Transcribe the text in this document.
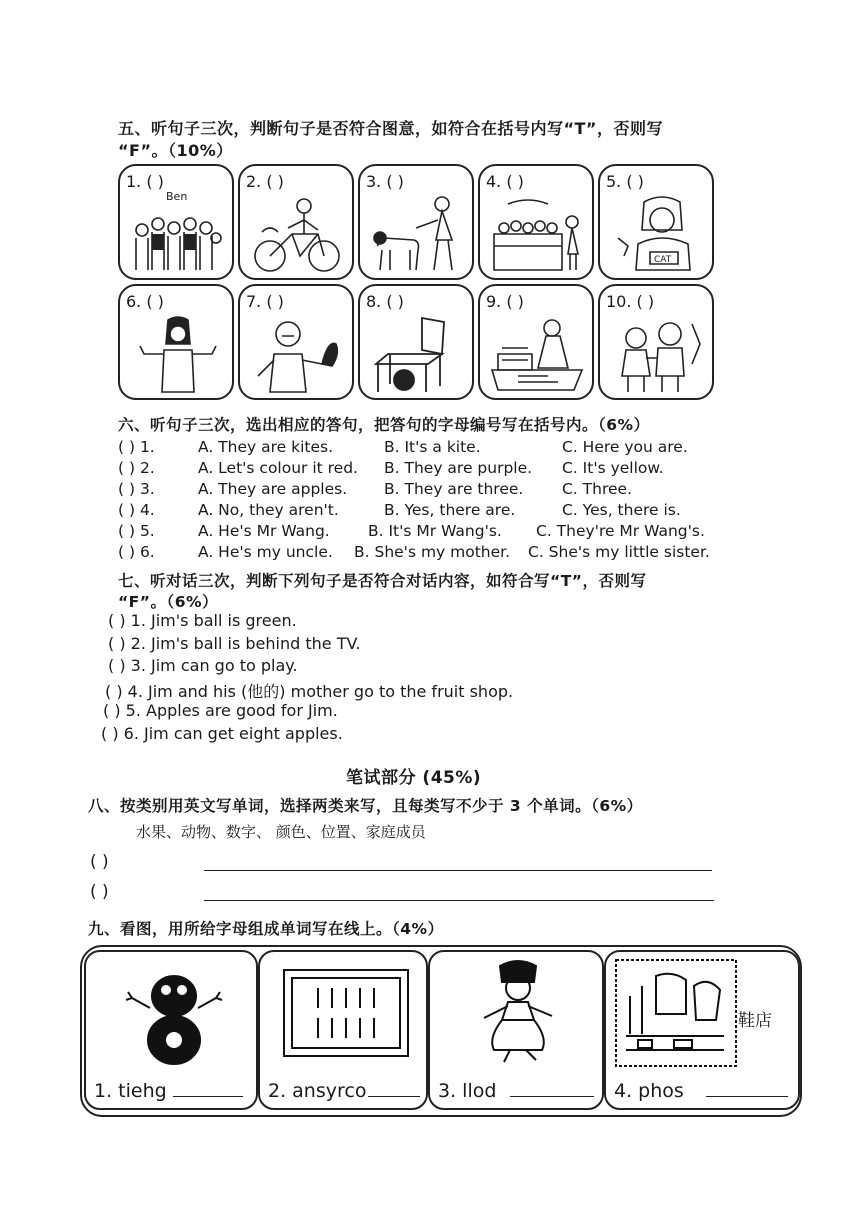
五、听句子三次，判断句子是否符合图意，如符合在括号内写“T”，否则写
“F”。（10%）
1. ( )
Ben
2. ( )	3. ( )	4. ( )	5. ( )
CAT
6. ( )	7. ( )	8. ( )	9. ( )	10. ( )
六、听句子三次，选出相应的答句，把答句的字母编号写在括号内。（6%）
( ) 1.	A. They are kites.	B. It's a kite.	C. Here you are.
( ) 2.	A. Let's colour it red. B. They are purple. C. It's yellow.
( ) 3.	A. They are apples. B. They are three. C. Three.
( ) 4.	A. No, they aren't.	B. Yes, there are.	C. Yes, there is.
( ) 5.	A. He's Mr Wang. B. It's Mr Wang's. C. They're Mr Wang's.
( ) 6.	A. He's my uncle. B. She's my mother. C. She's my little sister.
七、听对话三次，判断下列句子是否符合对话内容，如符合写“T”，否则写
“F”。（6%）
( ) 1. Jim's ball is green.
( ) 2. Jim's ball is behind the TV.
( ) 3. Jim can go to play.
( ) 4. Jim and his (他的) mother go to the fruit shop.
( ) 5. Apples are good for Jim.
( ) 6. Jim can get eight apples.
笔试部分 (45%)
八、按类别用英文写单词，选择两类来写，且每类写不少于 3 个单词。（6%）
水果、动物、数字、 颜色、位置、家庭成员
( )
( )
九、看图，用所给字母组成单词写在线上。（4%）
1. tiehg	2. ansyrco	3. llod
鞋店
4. phos
